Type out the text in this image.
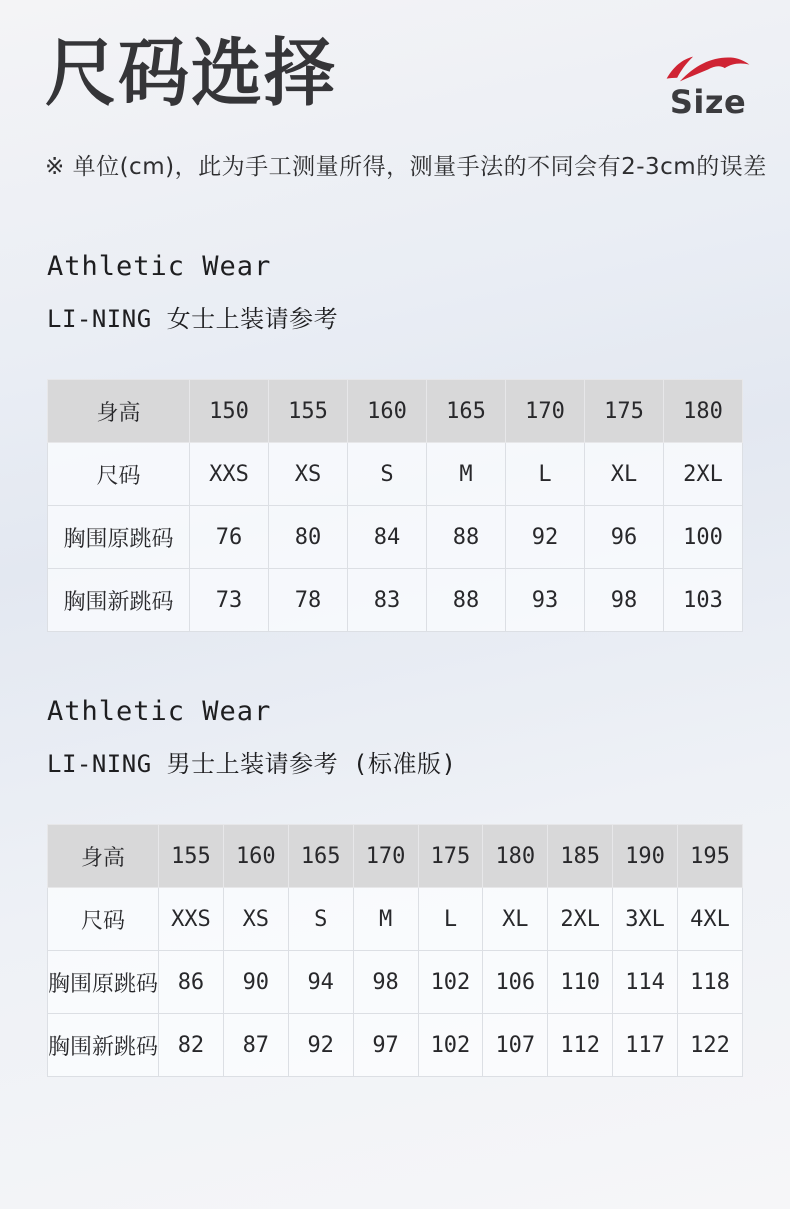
尺码选择	Size

※ 单位(cm)，此为手工测量所得，测量手法的不同会有2-3cm的误差

Athletic Wear
LI-NING 女士上装请参考
身高	150	155	160	165	170	175	180
尺码	XXS	XS	S	M	L	XL	2XL
胸围原跳码	76	80	84	88	92	96	100
胸围新跳码	73	78	83	88	93	98	103
Athletic Wear
LI-NING 男士上装请参考 (标准版)
身高	155	160	165	170	175	180	185	190	195
尺码	XXS	XS	S	M	L	XL	2XL	3XL	4XL
胸围原跳码	86	90	94	98	102	106	110	114	118
胸围新跳码	82	87	92	97	102	107	112	117	122
